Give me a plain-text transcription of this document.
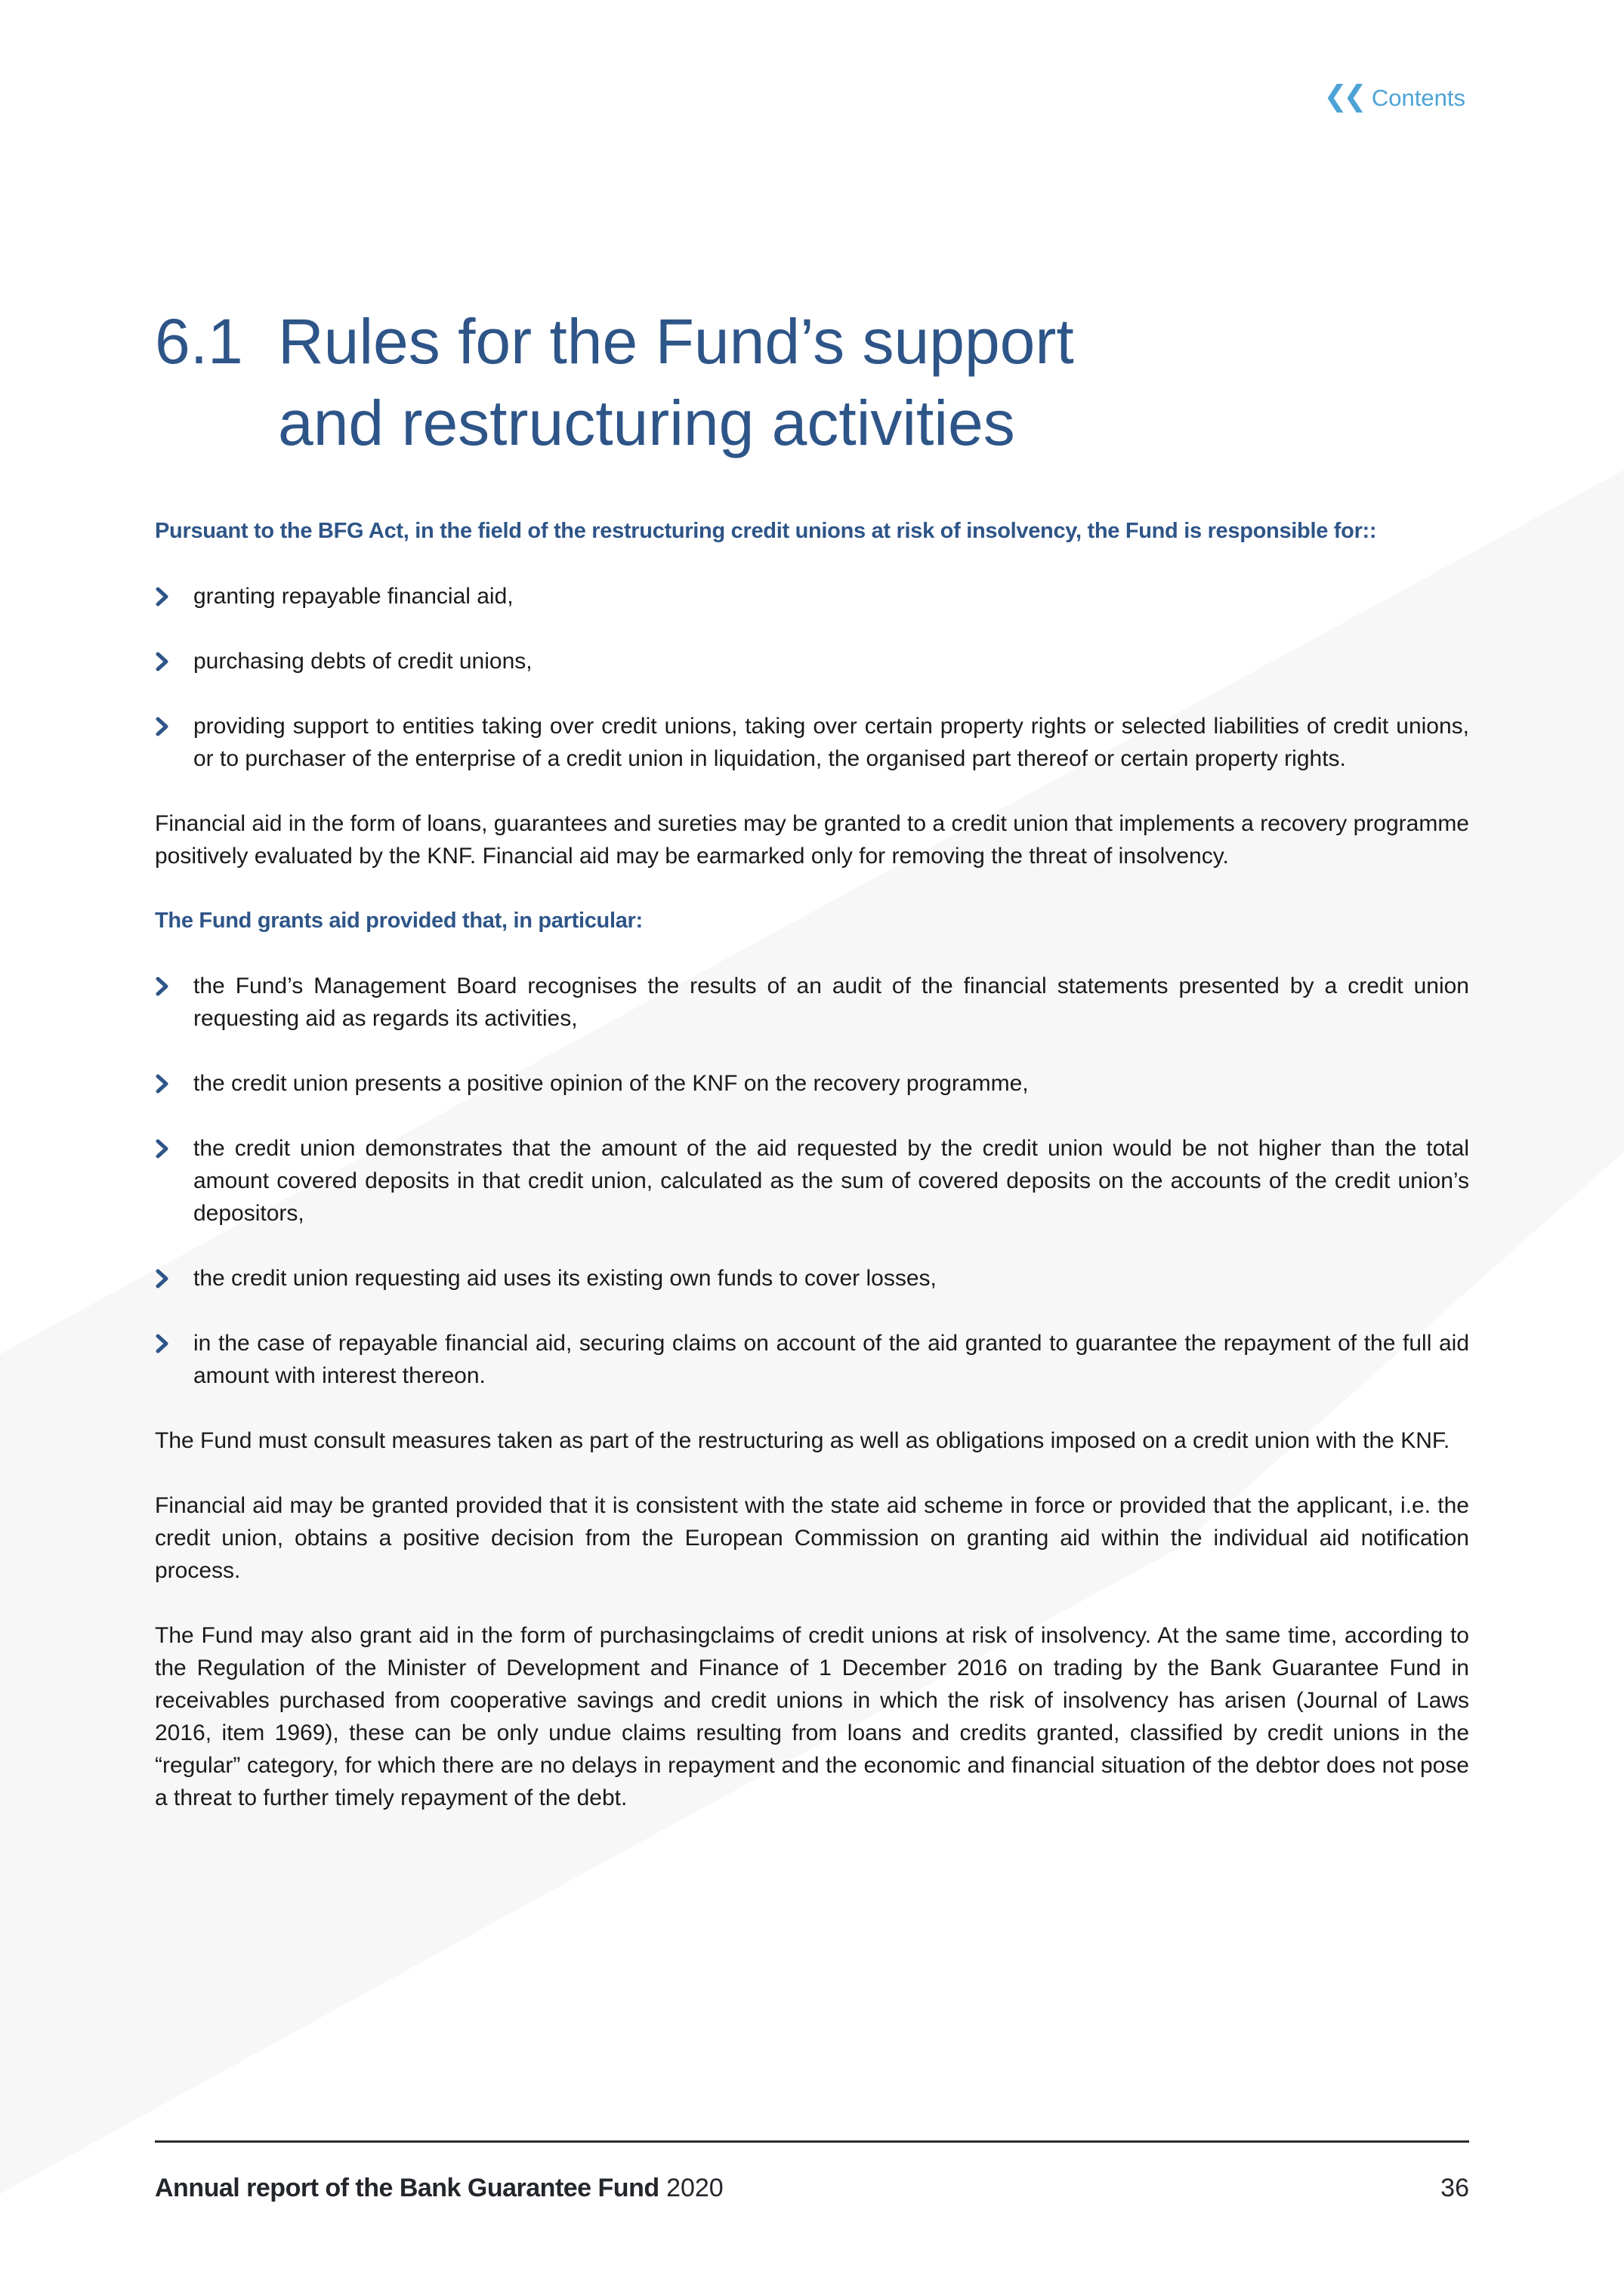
❮❮ Contents
6.1 Rules for the Fund’s support
and restructuring activities

Pursuant to the BFG Act, in the field of the restructuring credit unions at risk of insolvency, the Fund is responsible for::

granting repayable financial aid,
purchasing debts of credit unions,
providing support to entities taking over credit unions, taking over certain property rights or selected liabilities of credit unions, or to purchaser of the enterprise of a credit union in liquidation, the organised part thereof or certain property rights.

Financial aid in the form of loans, guarantees and sureties may be granted to a credit union that implements a recovery programme positively evaluated by the KNF. Financial aid may be earmarked only for removing the threat of insolvency.

The Fund grants aid provided that, in particular:

the Fund’s Management Board recognises the results of an audit of the financial statements presented by a credit union requesting aid as regards its activities,
the credit union presents a positive opinion of the KNF on the recovery programme,
the credit union demonstrates that the amount of the aid requested by the credit union would be not higher than the total amount covered deposits in that credit union, calculated as the sum of covered deposits on the accounts of the credit union’s depositors,
the credit union requesting aid uses its existing own funds to cover losses,
in the case of repayable financial aid, securing claims on account of the aid granted to guarantee the repayment of the full aid amount with interest thereon.

The Fund must consult measures taken as part of the restructuring as well as obligations imposed on a credit union with the KNF.

Financial aid may be granted provided that it is consistent with the state aid scheme in force or provided that the applicant, i.e. the credit union, obtains a positive decision from the European Commission on granting aid within the individual aid notification process.

The Fund may also grant aid in the form of purchasingclaims of credit unions at risk of insolvency. At the same time, according to the Regulation of the Minister of Development and Finance of 1 December 2016 on trading by the Bank Guarantee Fund in receivables purchased from cooperative savings and credit unions in which the risk of insolvency has arisen (Journal of Laws 2016, item 1969), these can be only undue claims resulting from loans and credits granted, classified by credit unions in the “regular” category, for which there are no delays in repayment and the economic and financial situation of the debtor does not pose a threat to further timely repayment of the debt.

Annual report of the Bank Guarantee Fund 2020	36
